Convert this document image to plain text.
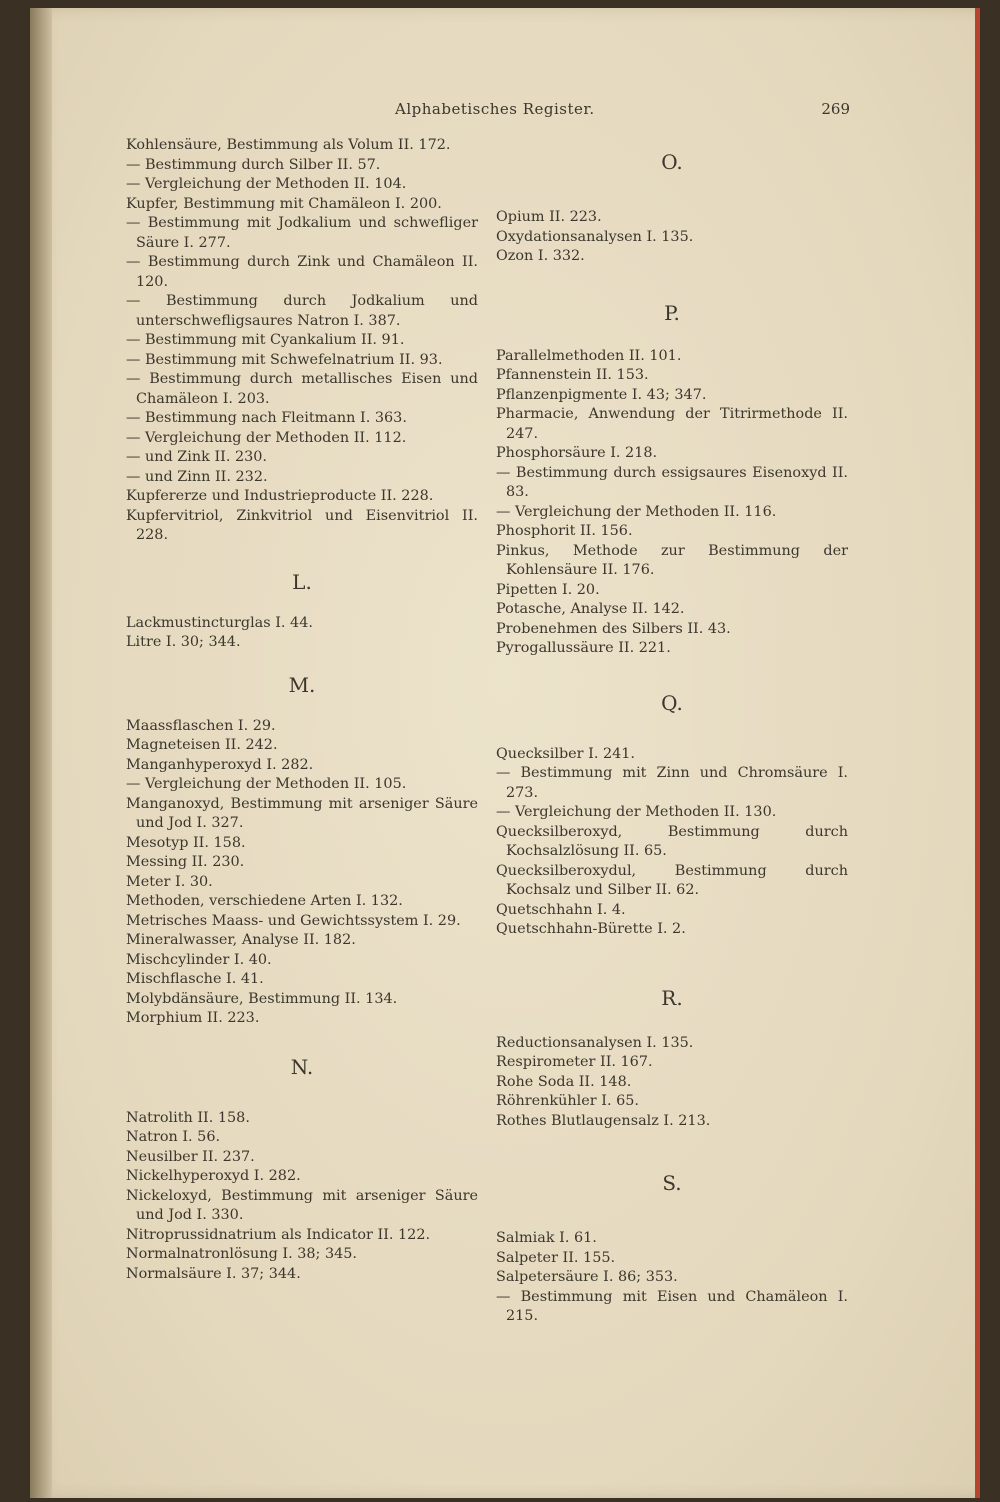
Alphabetisches Register.	269
Kohlensäure, Bestimmung als Volum II. 172.
— Bestimmung durch Silber II. 57.
— Vergleichung der Methoden II. 104.
Kupfer, Bestimmung mit Chamäleon I. 200.
— Bestimmung mit Jodkalium und schwefliger Säure I. 277.
— Bestimmung durch Zink und Chamäleon II. 120.
— Bestimmung durch Jodkalium und unterschwefligsaures Natron I. 387.
— Bestimmung mit Cyankalium II. 91.
— Bestimmung mit Schwefelnatrium II. 93.
— Bestimmung durch metallisches Eisen und Chamäleon I. 203.
— Bestimmung nach Fleitmann I. 363.
— Vergleichung der Methoden II. 112.
— und Zink II. 230.
— und Zinn II. 232.
Kupfererze und Industrieproducte II. 228.
Kupfervitriol, Zinkvitriol und Eisenvitriol II. 228.
L.
Lackmustincturglas I. 44.
Litre I. 30; 344.
M.
Maassflaschen I. 29.
Magneteisen II. 242.
Manganhyperoxyd I. 282.
— Vergleichung der Methoden II. 105.
Manganoxyd, Bestimmung mit arseniger Säure und Jod I. 327.
Mesotyp II. 158.
Messing II. 230.
Meter I. 30.
Methoden, verschiedene Arten I. 132.
Metrisches Maass- und Gewichtssystem I. 29.
Mineralwasser, Analyse II. 182.
Mischcylinder I. 40.
Mischflasche I. 41.
Molybdänsäure, Bestimmung II. 134.
Morphium II. 223.
N.
Natrolith II. 158.
Natron I. 56.
Neusilber II. 237.
Nickelhyperoxyd I. 282.
Nickeloxyd, Bestimmung mit arseniger Säure und Jod I. 330.
Nitroprussidnatrium als Indicator II. 122.
Normalnatronlösung I. 38; 345.
Normalsäure I. 37; 344.
O.
Opium II. 223.
Oxydationsanalysen I. 135.
Ozon I. 332.
P.
Parallelmethoden II. 101.
Pfannenstein II. 153.
Pflanzenpigmente I. 43; 347.
Pharmacie, Anwendung der Titrirmethode II. 247.
Phosphorsäure I. 218.
— Bestimmung durch essigsaures Eisenoxyd II. 83.
— Vergleichung der Methoden II. 116.
Phosphorit II. 156.
Pinkus, Methode zur Bestimmung der Kohlensäure II. 176.
Pipetten I. 20.
Potasche, Analyse II. 142.
Probenehmen des Silbers II. 43.
Pyrogallussäure II. 221.
Q.
Quecksilber I. 241.
— Bestimmung mit Zinn und Chromsäure I. 273.
— Vergleichung der Methoden II. 130.
Quecksilberoxyd, Bestimmung durch Kochsalzlösung II. 65.
Quecksilberoxydul, Bestimmung durch Kochsalz und Silber II. 62.
Quetschhahn I. 4.
Quetschhahn-Bürette I. 2.
R.
Reductionsanalysen I. 135.
Respirometer II. 167.
Rohe Soda II. 148.
Röhrenkühler I. 65.
Rothes Blutlaugensalz I. 213.
S.
Salmiak I. 61.
Salpeter II. 155.
Salpetersäure I. 86; 353.
— Bestimmung mit Eisen und Chamäleon I. 215.
